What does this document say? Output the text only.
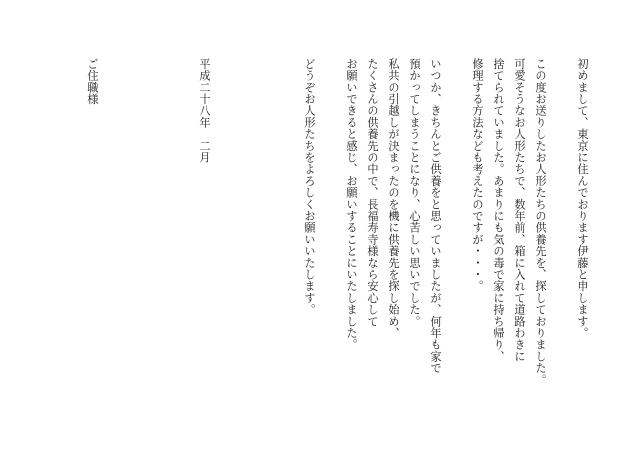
初めまして、東京に住んでおります伊藤と申します。
この度お送りしたお人形たちの供養先を、探しておりました。
可愛そうなお人形たちで、数年前、箱に入れて道路わきに
捨てられていました。あまりにも気の毒で家に持ち帰り、
修理する方法なども考えたのですが・・・。
いつか、きちんとご供養をと思っていましたが、何年も家で
預かってしまうことになり、心苦しい思いでした。
私共の引越しが決まったのを機に供養先を探し始め、
たくさんの供養先の中で、長福寿寺様なら安心して
お願いできると感じ、お願いすることにいたしました。
どうぞお人形たちをよろしくお願いいたします。
平成二十八年　二月
ご住職様
